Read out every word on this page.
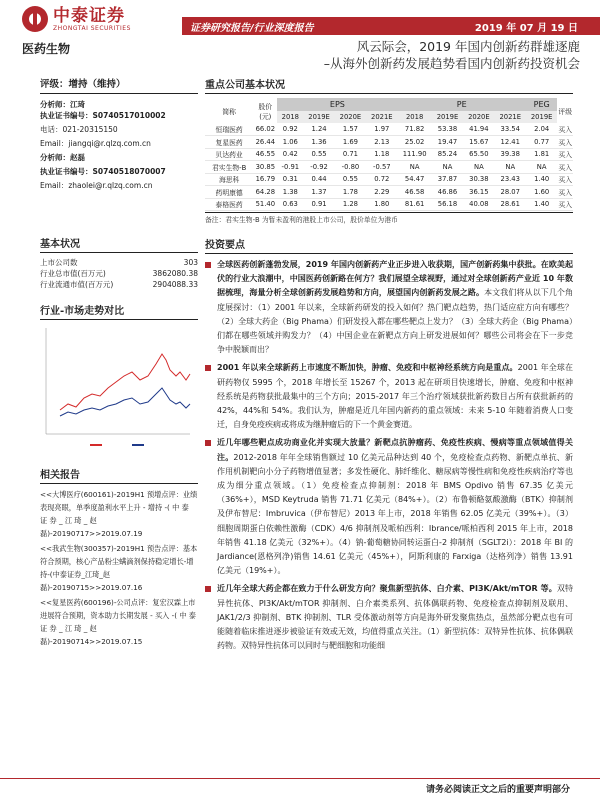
中泰证券
ZHONGTAI SECURITIES
医药生物
证券研究报告/行业深度报告	2019 年 07 月 19 日
风云际会，2019 年国内创新药群雄逐鹿
–从海外创新药发展趋势看国内创新药投资机会
评级：增持（维持）
分析师：江琦
执业证书编号：S0740517010002
电话：021-20315150
Email：jiangqi@r.qlzq.com.cn
分析师：赵磊
执业证书编号：S0740518070007
Email：zhaolei@r.qlzq.com.cn
基本状况
上市公司数	303
行业总市值(百万元)	3862080.38
行业流通市值(百万元)	2904088.33
行业-市场走势对比
相关报告
<<大博医疗(600161)-2019H1 预增点评：业绩表现亮眼，单季度盈利水平上升 - 增持 -( 中 泰 证 券 _ 江 琦 _ 赵 磊)-20190717>>2019.07.19
<<我武生物(300357)-2019H1 预告点评：基本符合预期，核心产品粉尘螨滴剂保持稳定增长-增持-(中泰证券_江琦_赵磊)-20190715>>2019.07.16
<<复星医药(600196)-公司点评：复宏汉霖上市进展符合预期，资本助力长期发展 - 买入 -( 中 泰 证 券 _ 江 琦 _ 赵磊)-20190714>>2019.07.15
重点公司基本状况
简称	股价(元)	EPS				PE				PEG	评级
		2018	2019E	2020E	2021E	2018	2019E	2020E	2021E	2019E	
恒瑞医药	66.02	0.92	1.24	1.57	1.97	71.82	53.38	41.94	33.54	2.04	买入
复星医药	26.44	1.06	1.36	1.69	2.13	25.02	19.47	15.67	12.41	0.77	买入
贝达药业	46.55	0.42	0.55	0.71	1.18	111.90	85.24	65.50	39.38	1.81	买入
君实生物-B	30.85	-0.91	-0.92	-0.80	-0.57	NA	NA	NA	NA	NA	买入
海思科	16.79	0.31	0.44	0.55	0.72	54.47	37.87	30.38	23.43	1.40	买入
药明康德	64.28	1.38	1.37	1.78	2.29	46.58	46.86	36.15	28.07	1.60	买入
泰格医药	51.40	0.63	0.91	1.28	1.80	81.61	56.18	40.08	28.61	1.40	买入
备注：君实生物-B 为暂未盈利的港股上市公司，股价单位为港币
投资要点
全球医药创新蓬勃发展，2019 年国内创新药产业正步进入收获期，国产创新药集中获批。在欧美起伏的行业大浪潮中，中国医药创新路在何方？我们展望全球视野，通过对全球创新药产业近 10 年数据梳理，海量分析全球创新药发展趋势和方向，展望国内创新药发展之路。本文我们将从以下几个角度展探讨：（1）2001 年以来，全球新药研发的投入如何？热门靶点趋势，热门适应症方向有哪些？（2）全球大药企（Big Phama）们研发投入都在哪些靶点上发力？（3）全球大药企（Big Phama）们都在哪些领域并购发力？（4）中国企业在新靶点方向上研发进展如何？哪些公司将会在下一步竞争中脱颖而出？
2001 年以来全球新药上市速度不断加快，肿瘤、免疫和中枢神经系统方向是重点。2001 年全球在研药物仅 5995 个，2018 年增长至 15267 个，2013 起在研项目快速增长，肿瘤、免疫和中枢神经系统是药物获批最集中的三个方向；2015-2017 年三个治疗领域获批新药数目占所有获批新药的 42%，44%和 54%。我们认为，肿瘤是近几年国内新药的重点领域：未来 5-10 年随着消费人口变迁，自身免疫疾病或将成为继肿瘤后的下一个黄金赛道。
近几年哪些靶点成功商业化并实现大放量？新靶点抗肿瘤药、免疫性疾病、慢病等重点领域值得关注。2012-2018 年年全球销售额过 10 亿美元品种达到 40 个，免疫检查点药物、新靶点单抗、新作用机制靶向小分子药物增值显著；多发性硬化、肺纤维化、糖尿病等慢性病和免疫性疾病治疗等也成为细分重点领域。（1）免疫检查点抑制剂：2018 年 BMS Opdivo 销售 67.35 亿美元（36%+），MSD Keytruda 销售 71.71 亿美元（84%+）。（2）布鲁顿酪氨酸激酶（BTK）抑制剂及伊布替尼：Imbruvica（伊布替尼）2013 年上市，2018 年销售 62.05 亿美元（39%+）。（3）细胞周期蛋白依赖性激酶（CDK）4/6 抑制剂及哌柏西利：Ibrance/哌柏西利 2015 年上市，2018 年销售 41.18 亿美元（32%+）。（4）钠-葡萄糖协同转运蛋白-2 抑制剂（SGLT2i）：2018 年 BI 的 Jardiance(恩格列净)销售 14.61 亿美元（45%+），阿斯利康的 Farxiga（达格列净）销售 13.91 亿美元（19%+）。
近几年全球大药企都在致力于什么研发方向？聚焦新型抗体、白介素、PI3K/Akt/mTOR 等。双特异性抗体、PI3K/Akt/mTOR 抑制剂、白介素类系列、抗体偶联药物、免疫检查点抑制剂及联用、JAK1/2/3 抑制剂、BTK 抑制剂、TLR 受体激动剂等方向是海外研发聚焦热点，虽然部分靶点也有可能随着临床推进逐步被验证有效或无效，均值得重点关注。（1）新型抗体：双特异性抗体、抗体偶联药物。双特异性抗体可以同时与靶细胞和功能细
请务必阅读正文之后的重要声明部分
